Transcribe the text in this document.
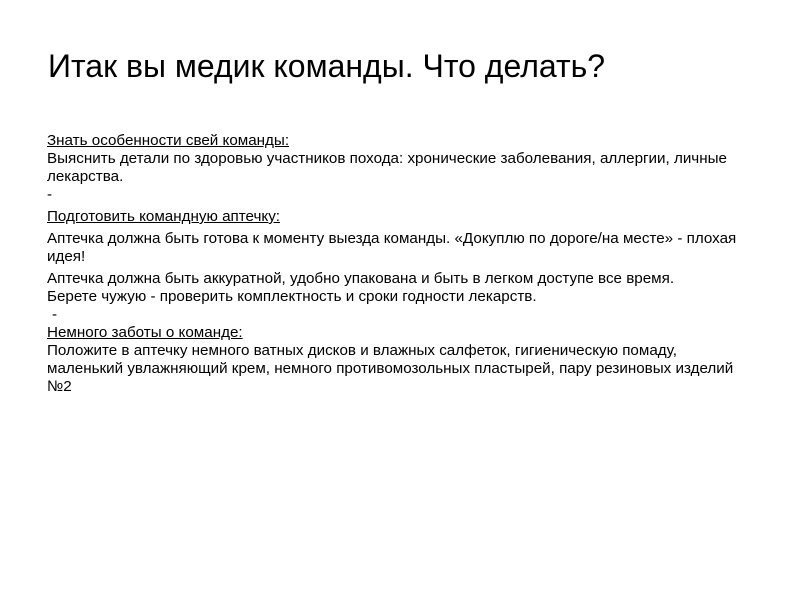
Итак вы медик команды. Что делать?

Знать особенности свей команды:

Выяснить детали по здоровью участников похода: хронические заболевания, аллергии, личные лекарства.

-

Подготовить командную аптечку:

Аптечка должна быть готова к моменту выезда команды. «Докуплю по дороге/на месте» - плохая идея!

Аптечка должна быть аккуратной, удобно упакована и быть в легком доступе все время.

Берете чужую - проверить комплектность и сроки годности лекарств.

-

Немного заботы о команде:

Положите в аптечку немного ватных дисков и влажных салфеток, гигиеническую помаду, маленький увлажняющий крем, немного противомозольных пластырей, пару резиновых изделий №2
